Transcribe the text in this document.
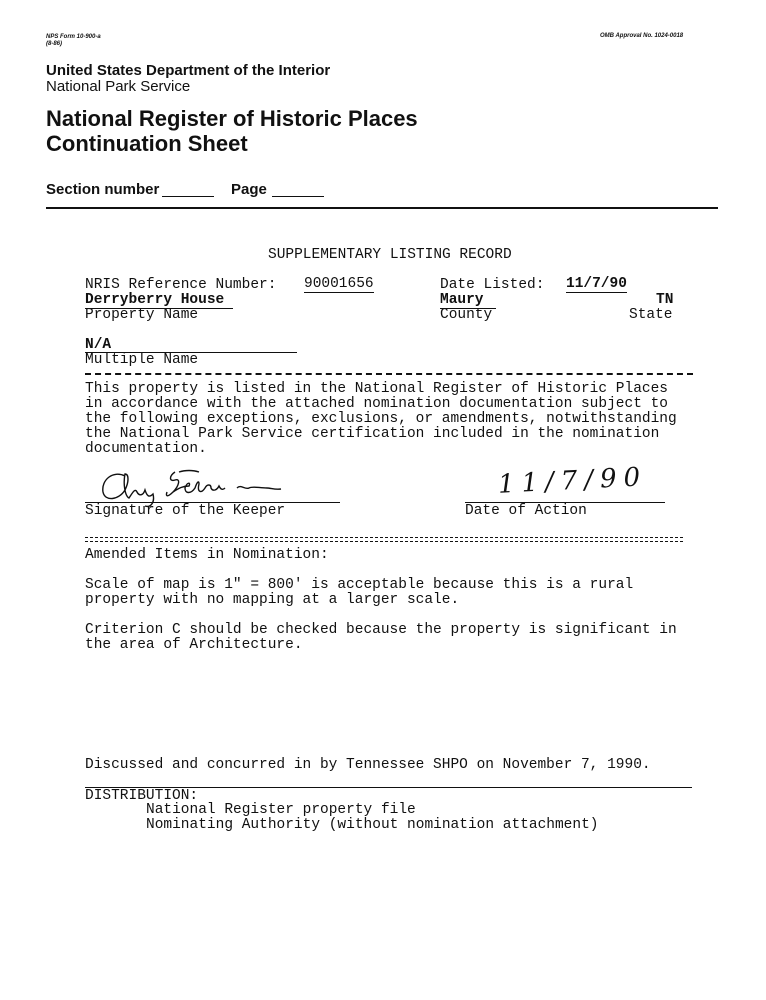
NPS Form 10-900-a
(8-86)
OMB Approval No. 1024-0018
United States Department of the Interior
National Park Service
National Register of Historic Places
Continuation Sheet
Section number	Page
SUPPLEMENTARY LISTING RECORD
NRIS Reference Number: 90001656	Date Listed: 11/7/90
Derryberry House	Maury	TN
Property Name	County	State
N/A
Multiple Name
This property is listed in the National Register of Historic Places
in accordance with the attached nomination documentation subject to
the following exceptions, exclusions, or amendments, notwithstanding
the National Park Service certification included in the nomination
documentation.
Signature of the Keeper
11/7/90
Date of Action
Amended Items in Nomination:
Scale of map is 1" = 800' is acceptable because this is a rural
property with no mapping at a larger scale.
Criterion C should be checked because the property is significant in
the area of Architecture.
Discussed and concurred in by Tennessee SHPO on November 7, 1990.
DISTRIBUTION:
National Register property file
Nominating Authority (without nomination attachment)
